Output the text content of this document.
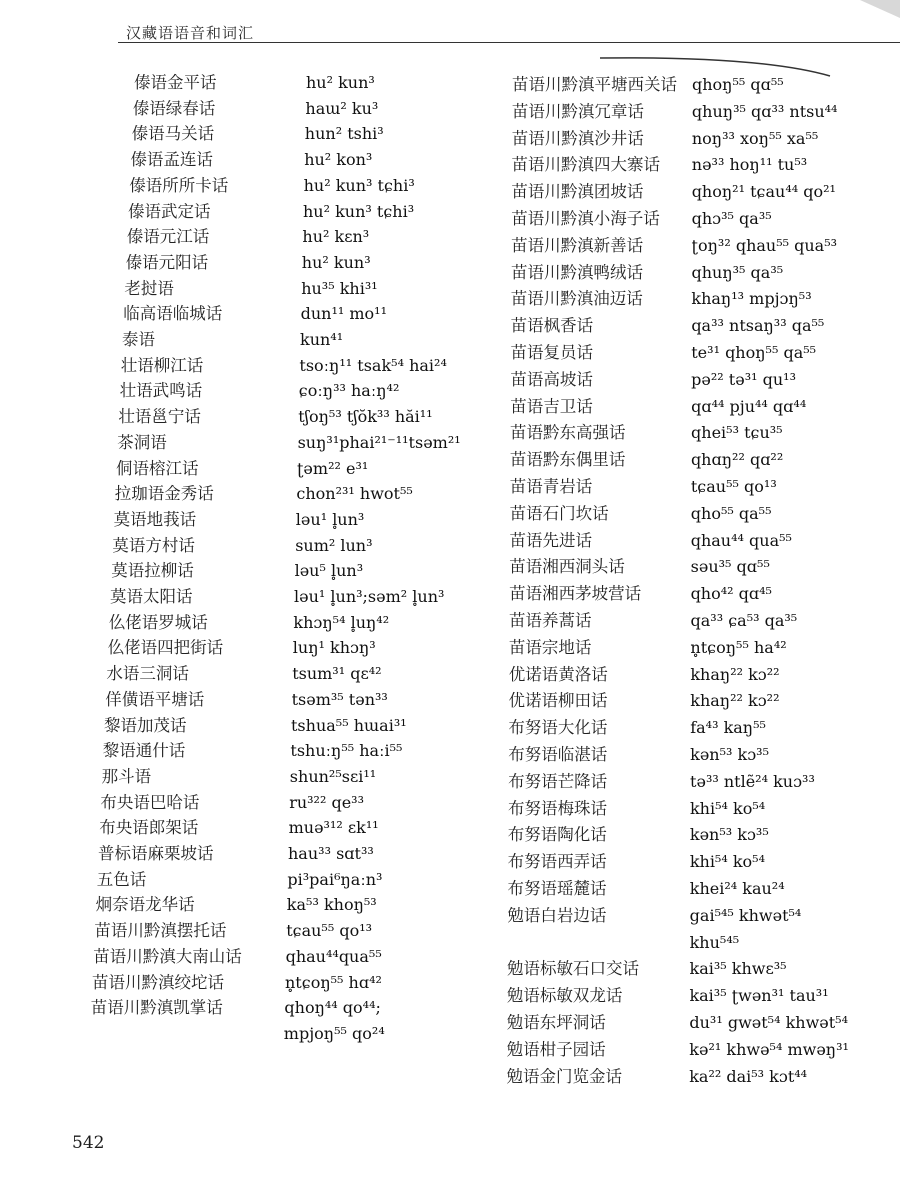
汉藏语语音和词汇
傣语金平话	hu² kun³
傣语绿春话	haɯ² ku³
傣语马关话	hun² tshi³
傣语孟连话	hu² kon³
傣语所所卡话	hu² kun³ tɕhi³
傣语武定话	hu² kun³ tɕhi³
傣语元江话	hu² kɛn³
傣语元阳话	hu² kun³
老挝语	hu³⁵ khi³¹
临高语临城话	dun¹¹ mo¹¹
泰语	kun⁴¹
壮语柳江话	tsoːŋ¹¹ tsak⁵⁴ hai²⁴
壮语武鸣话	ɕoːŋ³³ haːŋ⁴²
壮语邕宁话	tʃoŋ⁵³ tʃŏk³³ hăi¹¹
茶洞语	suŋ³¹phai²¹⁻¹¹tsəm²¹
侗语榕江话	ʈəm²² e³¹
拉珈语金秀话	chon²³¹ hwot⁵⁵
莫语地莪话	ləu¹ l̥un³
莫语方村话	sum² lun³
莫语拉柳话	ləu⁵ l̥un³
莫语太阳话	ləu¹ l̥un³;səm² l̥un³
仫佬语罗城话	khɔŋ⁵⁴ l̥uŋ⁴²
仫佬语四把街话	luŋ¹ khɔŋ³
水语三洞话	tsum³¹ qɛ⁴²
佯僙语平塘话	tsəm³⁵ tən³³
黎语加茂话	tshua⁵⁵ hɯai³¹
黎语通什话	tshuːŋ⁵⁵ haːi⁵⁵
那斗语	shun²⁵sɛi¹¹
布央语巴哈话	ru³²² qe³³
布央语郎架话	muə³¹² ɛk¹¹
普标语麻栗坡话	hau³³ sɑt³³
五色话	pi³pai⁶ŋaːn³
炯奈语龙华话	ka⁵³ khoŋ⁵³
苗语川黔滇摆托话	tɕau⁵⁵ qo¹³
苗语川黔滇大南山话	qhau⁴⁴qua⁵⁵
苗语川黔滇绞坨话	n̥tɕoŋ⁵⁵ hɑ⁴²
苗语川黔滇凯掌话	qhoŋ⁴⁴ qo⁴⁴;
mpjoŋ⁵⁵ qo²⁴
苗语川黔滇平塘西关话 qhoŋ⁵⁵ qɑ⁵⁵
苗语川黔滇冗章话	qhuŋ³⁵ qɑ³³ ntsu⁴⁴
苗语川黔滇沙井话	noŋ³³ xoŋ⁵⁵ xa⁵⁵
苗语川黔滇四大寨话 nə³³ hoŋ¹¹ tu⁵³
苗语川黔滇团坡话	qhoŋ²¹ tɕau⁴⁴ qo²¹
苗语川黔滇小海子话 qhɔ³⁵ qa³⁵
苗语川黔滇新善话	ʈoŋ³² qhau⁵⁵ qua⁵³
苗语川黔滇鸭绒话	qhuŋ³⁵ qa³⁵
苗语川黔滇油迈话	khaŋ¹³ mpjɔŋ⁵³
苗语枫香话	qa³³ ntsaŋ³³ qa⁵⁵
苗语复员话	te³¹ qhoŋ⁵⁵ qa⁵⁵
苗语高坡话	pə²² tə³¹ qu¹³
苗语吉卫话	qɑ⁴⁴ pju⁴⁴ qɑ⁴⁴
苗语黔东高强话	qhei⁵³ tɕu³⁵
苗语黔东偶里话	qhɑŋ²² qɑ²²
苗语青岩话	tɕau⁵⁵ qo¹³
苗语石门坎话	qho⁵⁵ qa⁵⁵
苗语先进话	qhau⁴⁴ qua⁵⁵
苗语湘西洞头话	səu³⁵ qɑ⁵⁵
苗语湘西茅坡营话	qho⁴² qɑ⁴⁵
苗语养蒿话	qa³³ ɕa⁵³ qa³⁵
苗语宗地话	n̥tɕoŋ⁵⁵ ha⁴²
优诺语黄洛话	khaŋ²² kɔ²²
优诺语柳田话	khaŋ²² kɔ²²
布努语大化话	fa⁴³ kaŋ⁵⁵
布努语临湛话	kən⁵³ kɔ³⁵
布努语芒降话	tə³³ ntlẽ²⁴ kuɔ³³
布努语梅珠话	khi⁵⁴ ko⁵⁴
布努语陶化话	kən⁵³ kɔ³⁵
布努语西弄话	khi⁵⁴ ko⁵⁴
布努语瑶麓话	khei²⁴ kau²⁴
勉语白岩边话	gai⁵⁴⁵ khwət⁵⁴
khu⁵⁴⁵
勉语标敏石口交话	kai³⁵ khwɛ³⁵
勉语标敏双龙话	kai³⁵ ʈwən³¹ tau³¹
勉语东坪洞话	du³¹ gwət⁵⁴ khwət⁵⁴
勉语柑子园话	kə²¹ khwə⁵⁴ mwəŋ³¹
勉语金门览金话	ka²² dai⁵³ kɔt⁴⁴
542
